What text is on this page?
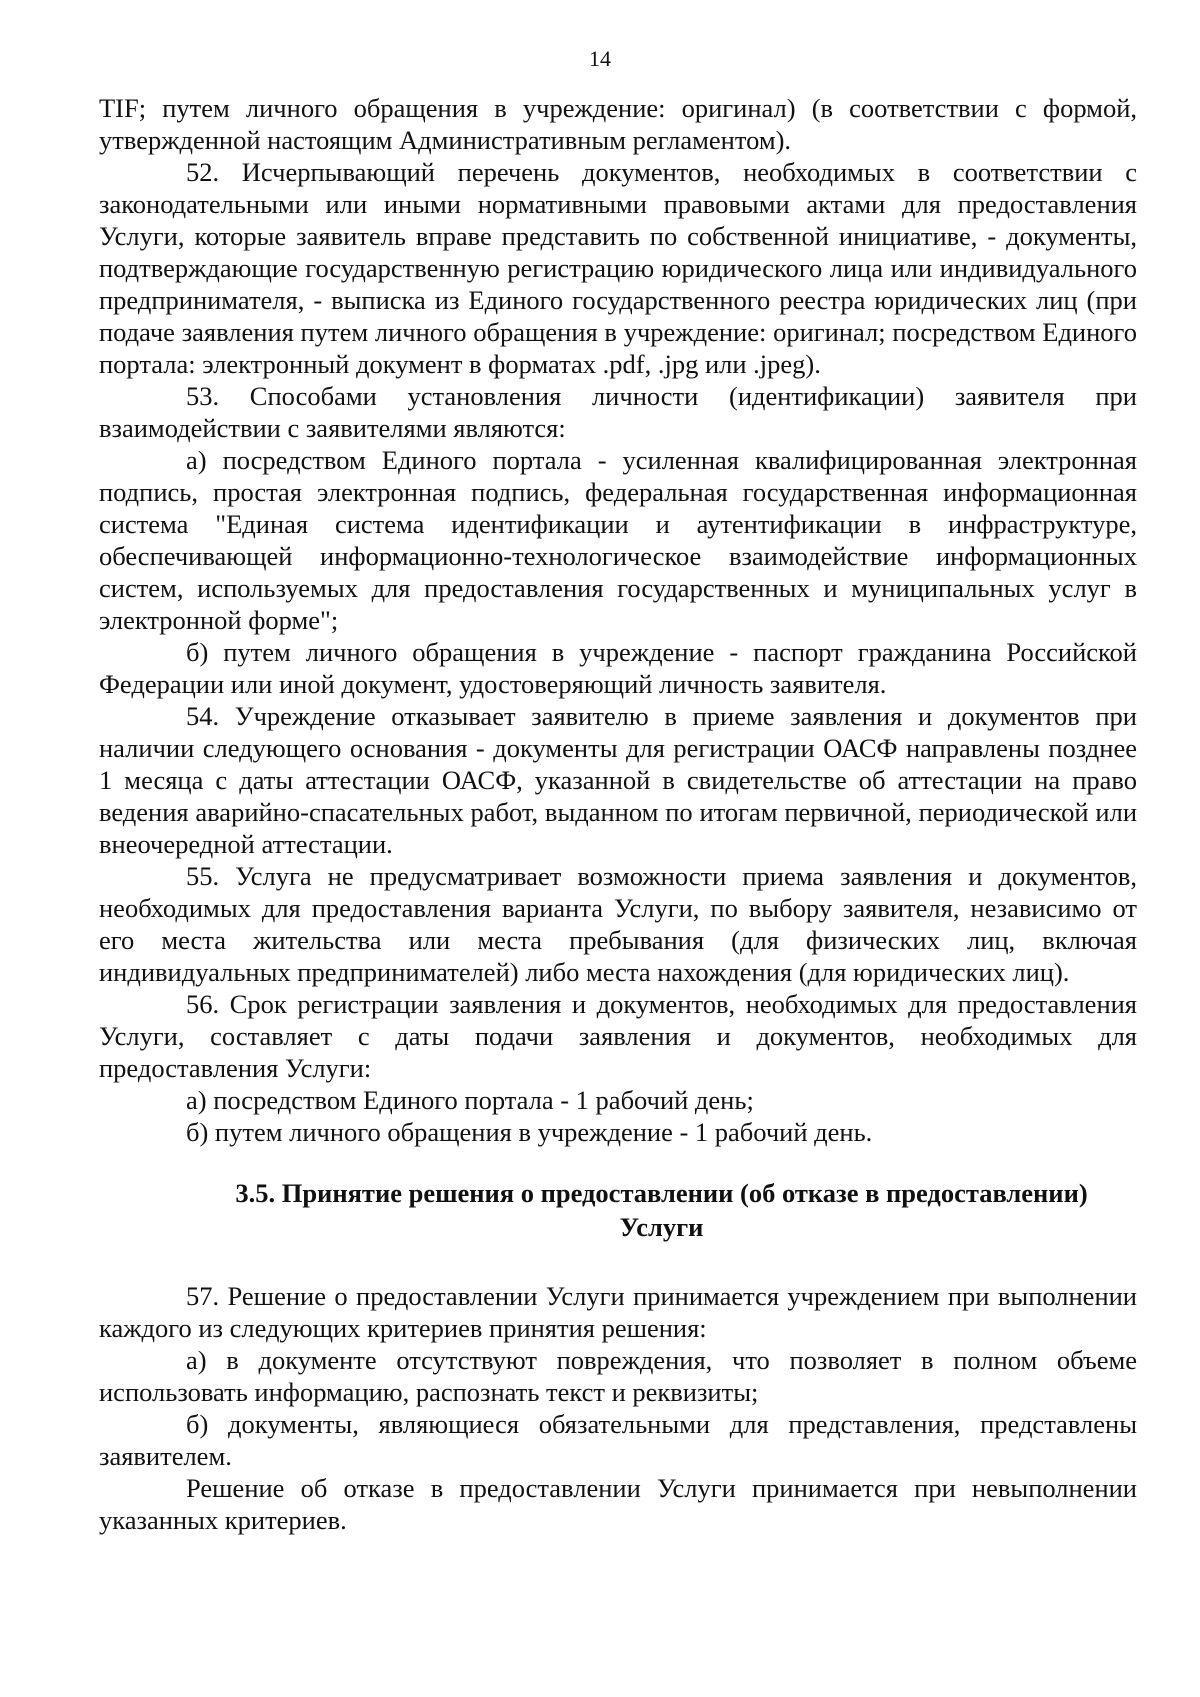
14

TIF; путем личного обращения в учреждение: оригинал) (в соответствии с формой, утвержденной настоящим Административным регламентом).

52. Исчерпывающий перечень документов, необходимых в соответствии с законодательными или иными нормативными правовыми актами для предоставления Услуги, которые заявитель вправе представить по собственной инициативе, - документы, подтверждающие государственную регистрацию юридического лица или индивидуального предпринимателя, - выписка из Единого государственного реестра юридических лиц (при подаче заявления путем личного обращения в учреждение: оригинал; посредством Единого портала: электронный документ в форматах .pdf, .jpg или .jpeg).

53. Способами установления личности (идентификации) заявителя при взаимодействии с заявителями являются:

а) посредством Единого портала - усиленная квалифицированная электронная подпись, простая электронная подпись, федеральная государственная информационная система "Единая система идентификации и аутентификации в инфраструктуре, обеспечивающей информационно-технологическое взаимодействие информационных систем, используемых для предоставления государственных и муниципальных услуг в электронной форме";

б) путем личного обращения в учреждение - паспорт гражданина Российской Федерации или иной документ, удостоверяющий личность заявителя.

54. Учреждение отказывает заявителю в приеме заявления и документов при наличии следующего основания - документы для регистрации ОАСФ направлены позднее 1 месяца с даты аттестации ОАСФ, указанной в свидетельстве об аттестации на право ведения аварийно-спасательных работ, выданном по итогам первичной, периодической или внеочередной аттестации.

55. Услуга не предусматривает возможности приема заявления и документов, необходимых для предоставления варианта Услуги, по выбору заявителя, независимо от его места жительства или места пребывания (для физических лиц, включая индивидуальных предпринимателей) либо места нахождения (для юридических лиц).

56. Срок регистрации заявления и документов, необходимых для предоставления Услуги, составляет с даты подачи заявления и документов, необходимых для предоставления Услуги:

а) посредством Единого портала - 1 рабочий день;

б) путем личного обращения в учреждение - 1 рабочий день.

3.5. Принятие решения о предоставлении (об отказе в предоставлении)
Услуги

57. Решение о предоставлении Услуги принимается учреждением при выполнении каждого из следующих критериев принятия решения:

а) в документе отсутствуют повреждения, что позволяет в полном объеме использовать информацию, распознать текст и реквизиты;

б) документы, являющиеся обязательными для представления, представлены заявителем.

Решение об отказе в предоставлении Услуги принимается при невыполнении указанных критериев.
